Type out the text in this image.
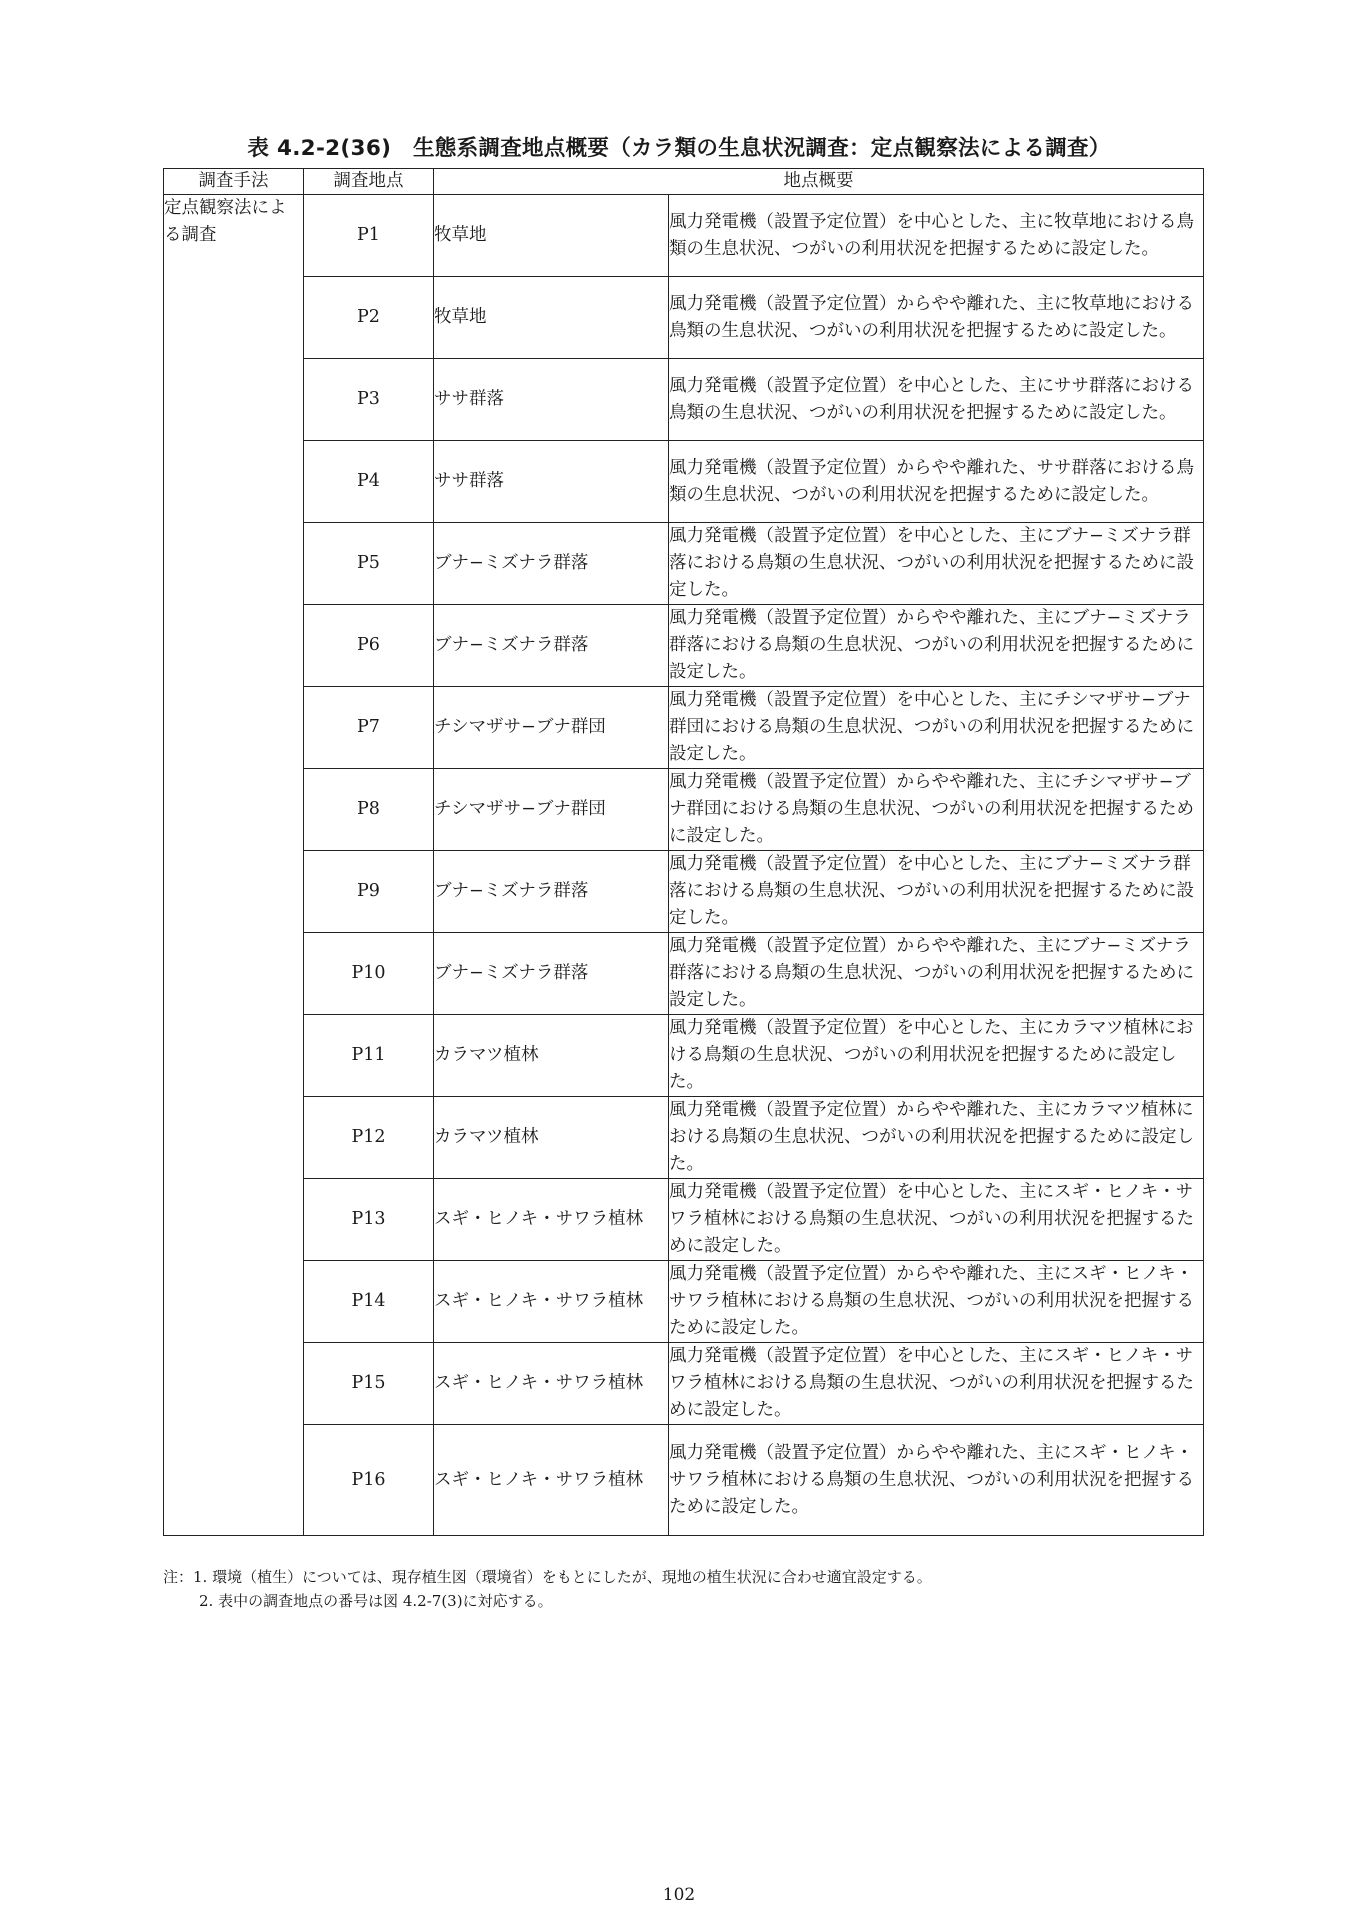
表 4.2-2(36)　生態系調査地点概要（カラ類の生息状況調査：定点観察法による調査）
調査手法	調査地点	地点概要	
定点観察法による調査	P1	牧草地	風力発電機（設置予定位置）を中心とした、主に牧草地における鳥類の生息状況、つがいの利用状況を把握するために設定した。
	P2	牧草地	風力発電機（設置予定位置）からやや離れた、主に牧草地における鳥類の生息状況、つがいの利用状況を把握するために設定した。
	P3	ササ群落	風力発電機（設置予定位置）を中心とした、主にササ群落における鳥類の生息状況、つがいの利用状況を把握するために設定した。
	P4	ササ群落	風力発電機（設置予定位置）からやや離れた、ササ群落における鳥類の生息状況、つがいの利用状況を把握するために設定した。
	P5	ブナ−ミズナラ群落	風力発電機（設置予定位置）を中心とした、主にブナ−ミズナラ群落における鳥類の生息状況、つがいの利用状況を把握するために設定した。
	P6	ブナ−ミズナラ群落	風力発電機（設置予定位置）からやや離れた、主にブナ−ミズナラ群落における鳥類の生息状況、つがいの利用状況を把握するために設定した。
	P7	チシマザサ−ブナ群団	風力発電機（設置予定位置）を中心とした、主にチシマザサ−ブナ群団における鳥類の生息状況、つがいの利用状況を把握するために設定した。
	P8	チシマザサ−ブナ群団	風力発電機（設置予定位置）からやや離れた、主にチシマザサ−ブナ群団における鳥類の生息状況、つがいの利用状況を把握するために設定した。
	P9	ブナ−ミズナラ群落	風力発電機（設置予定位置）を中心とした、主にブナ−ミズナラ群落における鳥類の生息状況、つがいの利用状況を把握するために設定した。
	P10	ブナ−ミズナラ群落	風力発電機（設置予定位置）からやや離れた、主にブナ−ミズナラ群落における鳥類の生息状況、つがいの利用状況を把握するために設定した。
	P11	カラマツ植林	風力発電機（設置予定位置）を中心とした、主にカラマツ植林における鳥類の生息状況、つがいの利用状況を把握するために設定した。
	P12	カラマツ植林	風力発電機（設置予定位置）からやや離れた、主にカラマツ植林における鳥類の生息状況、つがいの利用状況を把握するために設定した。
	P13	スギ・ヒノキ・サワラ植林	風力発電機（設置予定位置）を中心とした、主にスギ・ヒノキ・サワラ植林における鳥類の生息状況、つがいの利用状況を把握するために設定した。
	P14	スギ・ヒノキ・サワラ植林	風力発電機（設置予定位置）からやや離れた、主にスギ・ヒノキ・サワラ植林における鳥類の生息状況、つがいの利用状況を把握するために設定した。
	P15	スギ・ヒノキ・サワラ植林	風力発電機（設置予定位置）を中心とした、主にスギ・ヒノキ・サワラ植林における鳥類の生息状況、つがいの利用状況を把握するために設定した。
	P16	スギ・ヒノキ・サワラ植林	風力発電機（設置予定位置）からやや離れた、主にスギ・ヒノキ・サワラ植林における鳥類の生息状況、つがいの利用状況を把握するために設定した。
注：1. 環境（植生）については、現存植生図（環境省）をもとにしたが、現地の植生状況に合わせ適宜設定する。
2. 表中の調査地点の番号は図 4.2-7(3)に対応する。
102
